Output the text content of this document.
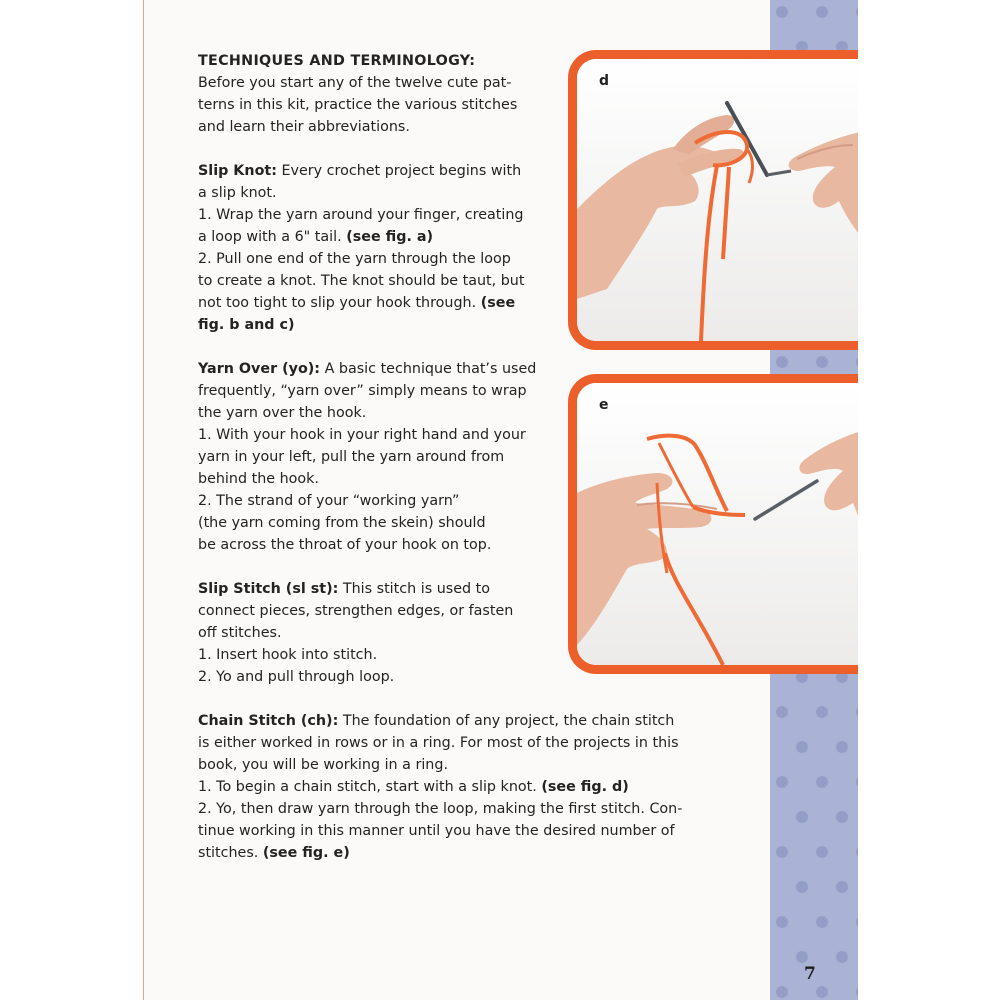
TECHNIQUES AND TERMINOLOGY:
Before you start any of the twelve cute pat-
terns in this kit, practice the various stitches
and learn their abbreviations.

Slip Knot: Every crochet project begins with
a slip knot.
1. Wrap the yarn around your finger, creating
a loop with a 6" tail. (see fig. a)
2. Pull one end of the yarn through the loop
to create a knot. The knot should be taut, but
not too tight to slip your hook through. (see
fig. b and c)

Yarn Over (yo): A basic technique that’s used
frequently, “yarn over” simply means to wrap
the yarn over the hook.
1. With your hook in your right hand and your
yarn in your left, pull the yarn around from
behind the hook.
2. The strand of your “working yarn”
(the yarn coming from the skein) should
be across the throat of your hook on top.

Slip Stitch (sl st): This stitch is used to
connect pieces, strengthen edges, or fasten
off stitches.
1. Insert hook into stitch.
2. Yo and pull through loop.

Chain Stitch (ch): The foundation of any project, the chain stitch
is either worked in rows or in a ring. For most of the projects in this
book, you will be working in a ring.
1. To begin a chain stitch, start with a slip knot. (see fig. d)
2. Yo, then draw yarn through the loop, making the first stitch. Con-
tinue working in this manner until you have the desired number of
stitches. (see fig. e)

d
e
7
